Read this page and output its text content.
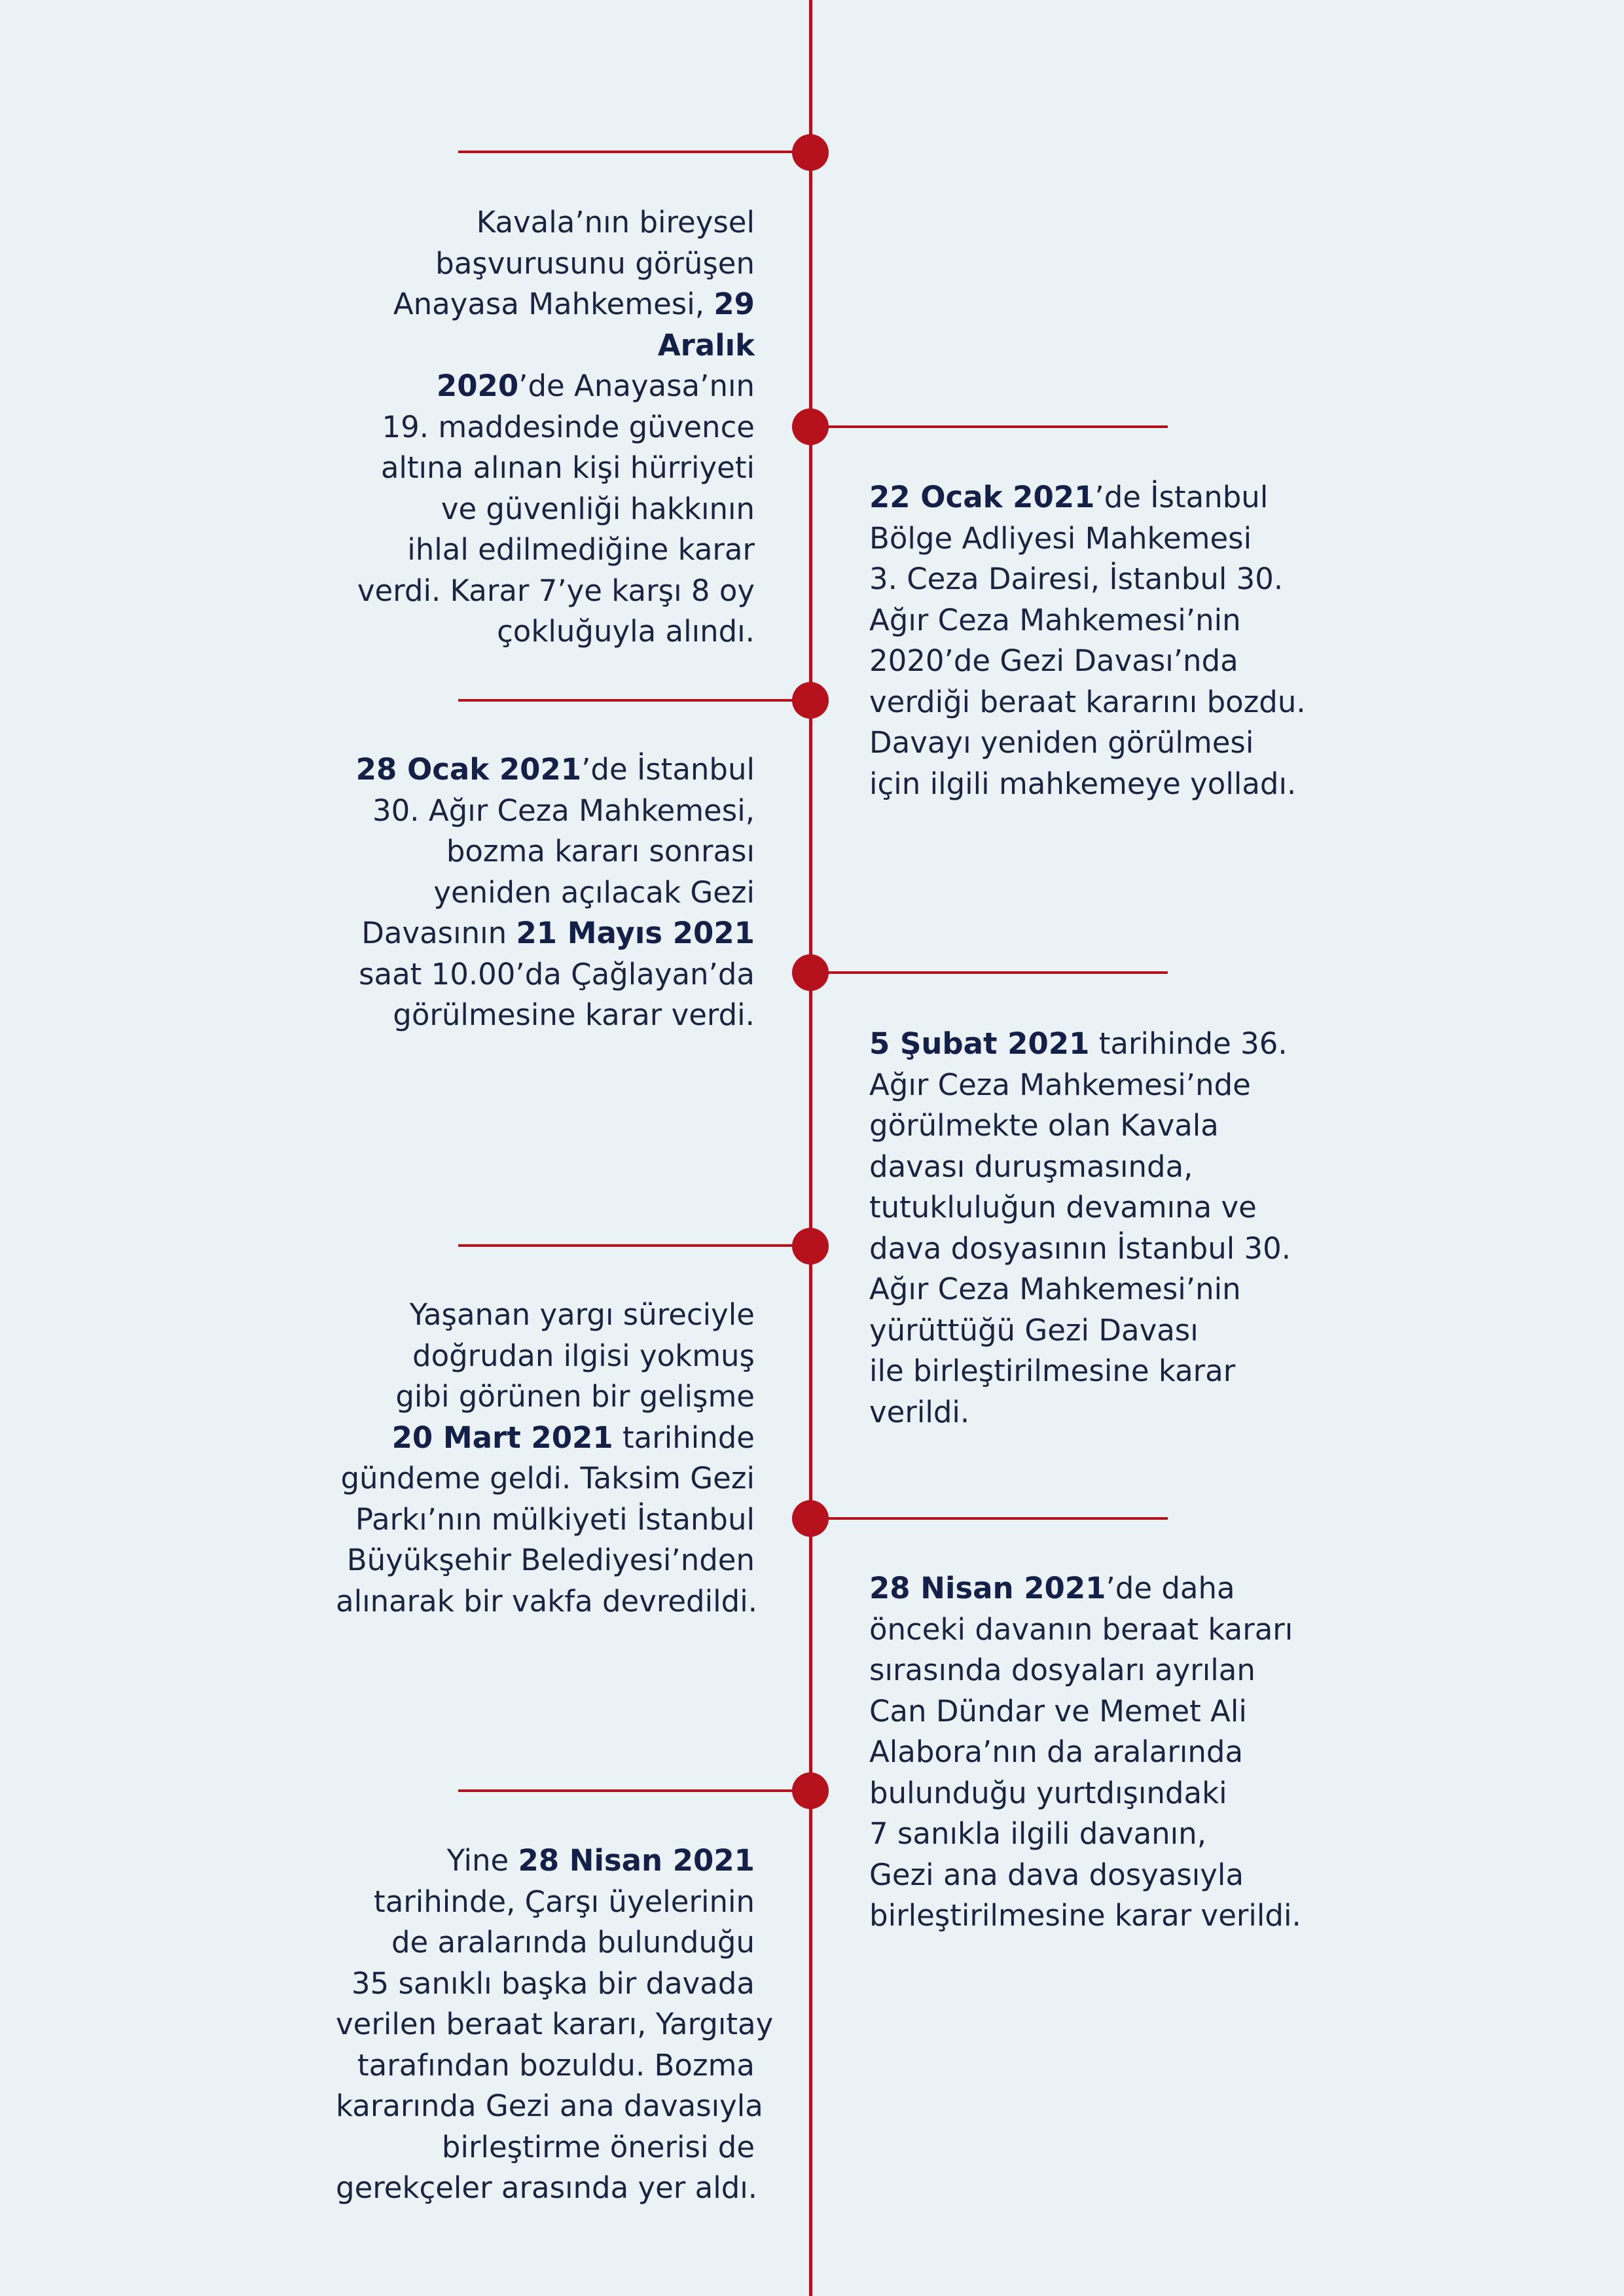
Kavala’nın bireysel
başvurusunu görüşen
Anayasa Mahkemesi, 29 Aralık 2020’de Anayasa’nın
19. maddesinde güvence
altına alınan kişi hürriyeti
ve güvenliği hakkının
ihlal edilmediğine karar
verdi. Karar 7’ye karşı 8 oy
çokluğuyla alındı.
22 Ocak 2021’de İstanbul
Bölge Adliyesi Mahkemesi
3. Ceza Dairesi, İstanbul 30.
Ağır Ceza Mahkemesi’nin
2020’de Gezi Davası’nda
verdiği beraat kararını bozdu.
Davayı yeniden görülmesi
için ilgili mahkemeye yolladı.
28 Ocak 2021’de İstanbul
30. Ağır Ceza Mahkemesi,
bozma kararı sonrası
yeniden açılacak Gezi
Davasının 21 Mayıs 2021
saat 10.00’da Çağlayan’da
görülmesine karar verdi.
5 Şubat 2021 tarihinde 36.
Ağır Ceza Mahkemesi’nde
görülmekte olan Kavala
davası duruşmasında,
tutukluluğun devamına ve
dava dosyasının İstanbul 30.
Ağır Ceza Mahkemesi’nin
yürüttüğü Gezi Davası
ile birleştirilmesine karar
verildi.
Yaşanan yargı süreciyle
doğrudan ilgisi yokmuş
gibi görünen bir gelişme
20 Mart 2021 tarihinde
gündeme geldi. Taksim Gezi
Parkı’nın mülkiyeti İstanbul
Büyükşehir Belediyesi’nden
alınarak bir vakfa devredildi.	28 Nisan 2021’de daha
önceki davanın beraat kararı
sırasında dosyaları ayrılan
Can Dündar ve Memet Ali
Alabora’nın da aralarında
bulunduğu yurtdışındaki
7 sanıkla ilgili davanın,
Gezi ana dava dosyasıyla
birleştirilmesine karar verildi.
Yine 28 Nisan 2021
tarihinde, Çarşı üyelerinin
de aralarında bulunduğu
35 sanıklı başka bir davada
verilen beraat kararı, Yargıtay
tarafından bozuldu. Bozma
kararında Gezi ana davasıyla
birleştirme önerisi de
gerekçeler arasında yer aldı.
